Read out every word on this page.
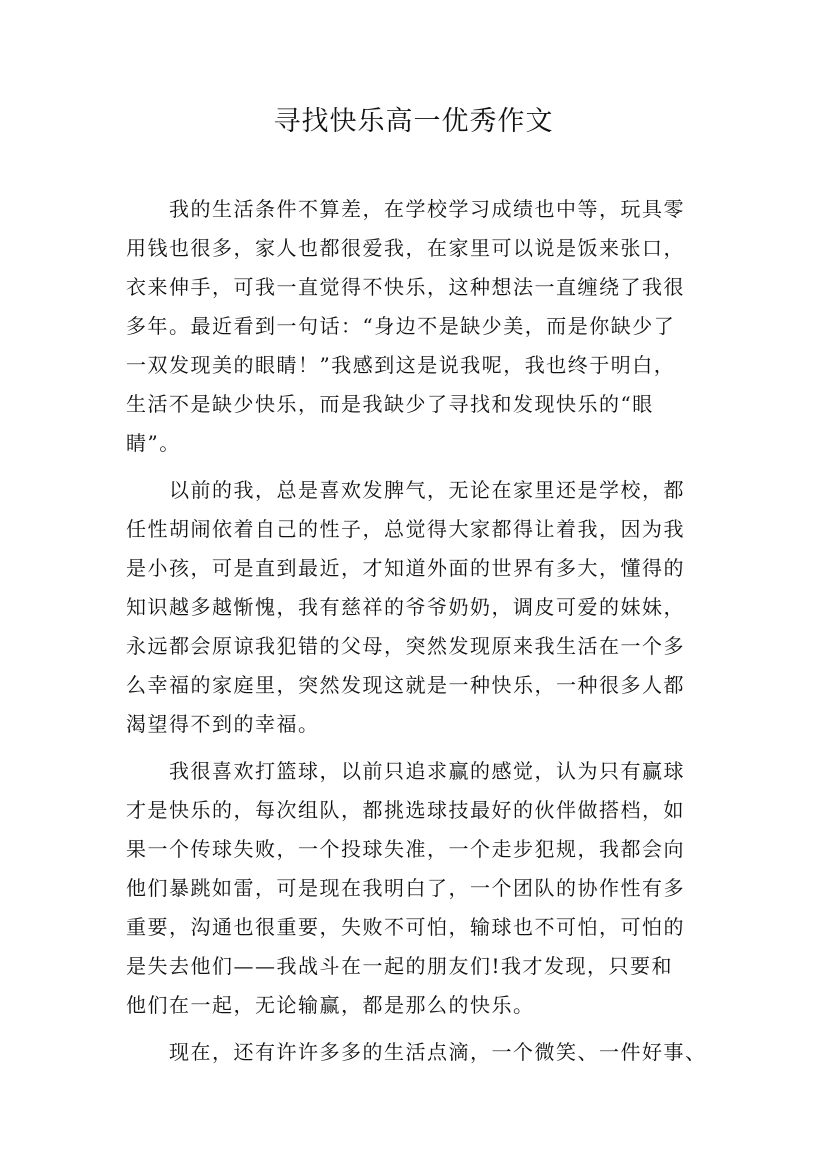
寻找快乐高一优秀作文
　　我的生活条件不算差，在学校学习成绩也中等，玩具零
用钱也很多，家人也都很爱我，在家里可以说是饭来张口，
衣来伸手，可我一直觉得不快乐，这种想法一直缠绕了我很
多年。最近看到一句话：“身边不是缺少美，而是你缺少了
一双发现美的眼睛！”我感到这是说我呢，我也终于明白，
生活不是缺少快乐，而是我缺少了寻找和发现快乐的“眼
睛”。
　　以前的我，总是喜欢发脾气，无论在家里还是学校，都
任性胡闹依着自己的性子，总觉得大家都得让着我，因为我
是小孩，可是直到最近，才知道外面的世界有多大，懂得的
知识越多越惭愧，我有慈祥的爷爷奶奶，调皮可爱的妹妹，
永远都会原谅我犯错的父母，突然发现原来我生活在一个多
么幸福的家庭里，突然发现这就是一种快乐，一种很多人都
渴望得不到的幸福。
　　我很喜欢打篮球，以前只追求赢的感觉，认为只有赢球
才是快乐的，每次组队，都挑选球技最好的伙伴做搭档，如
果一个传球失败，一个投球失准，一个走步犯规，我都会向
他们暴跳如雷，可是现在我明白了，一个团队的协作性有多
重要，沟通也很重要，失败不可怕，输球也不可怕，可怕的
是失去他们——我战斗在一起的朋友们!我才发现，只要和
他们在一起，无论输赢，都是那么的快乐。
　　现在，还有许许多多的生活点滴，一个微笑、一件好事、
